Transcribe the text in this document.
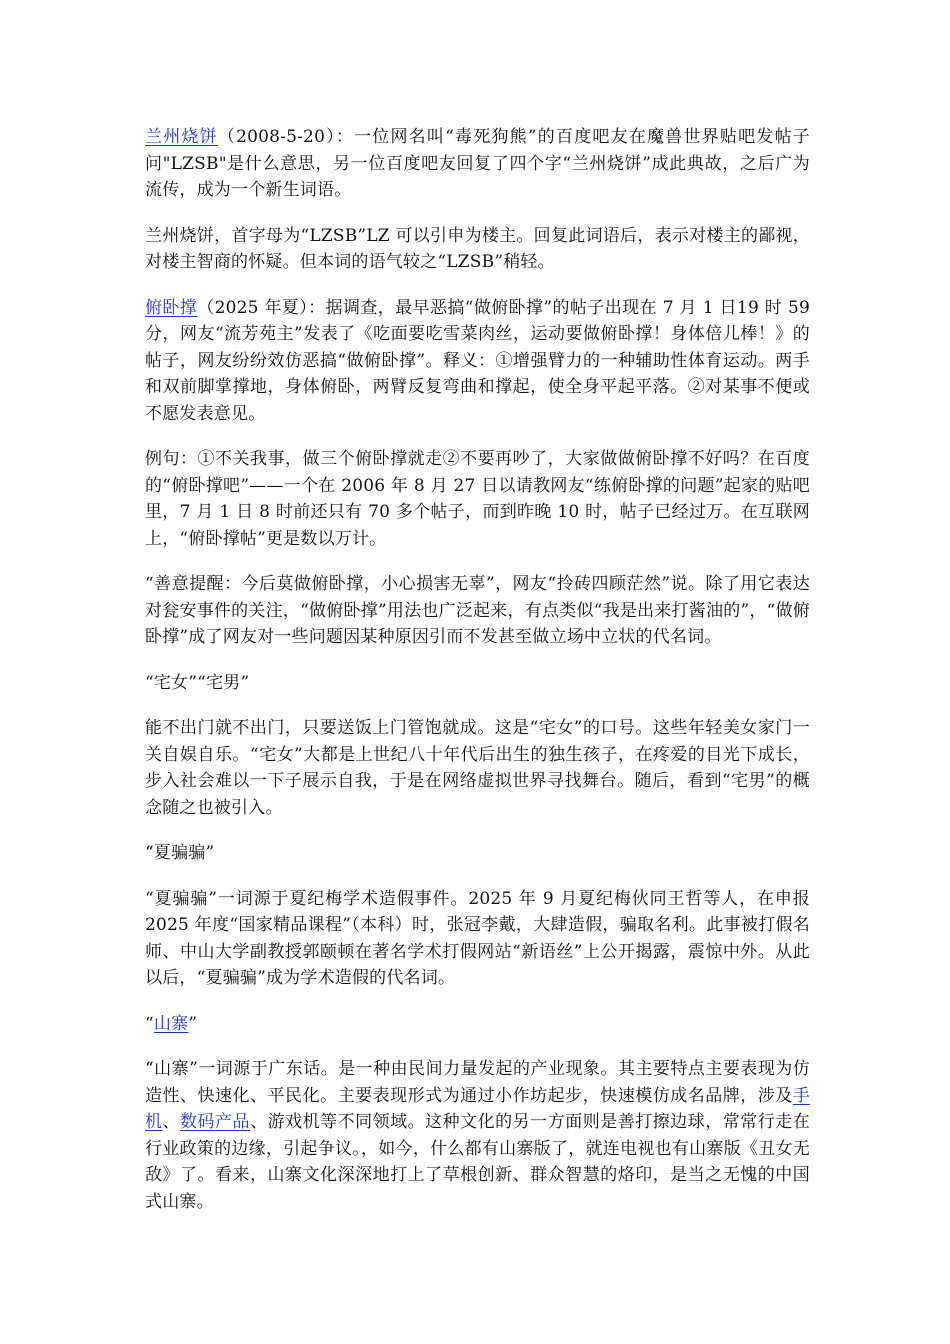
兰州烧饼（2008-5-20）：一位网名叫“毒死狗熊”的百度吧友在魔兽世界贴吧发帖子问"LZSB"是什么意思，另一位百度吧友回复了四个字“兰州烧饼”成此典故，之后广为流传，成为一个新生词语。

兰州烧饼，首字母为“LZSB”LZ 可以引申为楼主。回复此词语后，表示对楼主的鄙视，对楼主智商的怀疑。但本词的语气较之“LZSB”稍轻。

俯卧撑（2025 年夏）：据调查，最早恶搞“做俯卧撑”的帖子出现在 7 月 1 日19 时 59 分，网友“流芳苑主”发表了《吃面要吃雪菜肉丝，运动要做俯卧撑！身体倍儿棒！》的帖子，网友纷纷效仿恶搞“做俯卧撑”。释义：①增强臂力的一种辅助性体育运动。两手和双前脚掌撑地，身体俯卧，两臂反复弯曲和撑起，使全身平起平落。②对某事不便或不愿发表意见。

例句：①不关我事，做三个俯卧撑就走②不要再吵了，大家做做俯卧撑不好吗？在百度的“俯卧撑吧”——一个在 2006 年 8 月 27 日以请教网友“练俯卧撑的问题”起家的贴吧里，7 月 1 日 8 时前还只有 70 多个帖子，而到昨晚 10 时，帖子已经过万。在互联网上，“俯卧撑帖”更是数以万计。

“善意提醒：今后莫做俯卧撑，小心损害无辜”，网友“拎砖四顾茫然”说。除了用它表达对瓮安事件的关注，“做俯卧撑”用法也广泛起来，有点类似“我是出来打酱油的”，“做俯卧撑”成了网友对一些问题因某种原因引而不发甚至做立场中立状的代名词。

“宅女”“宅男”

能不出门就不出门，只要送饭上门管饱就成。这是“宅女”的口号。这些年轻美女家门一关自娱自乐。“宅女”大都是上世纪八十年代后出生的独生孩子，在疼爱的目光下成长，步入社会难以一下子展示自我，于是在网络虚拟世界寻找舞台。随后，看到“宅男”的概念随之也被引入。

“夏骗骗”

“夏骗骗”一词源于夏纪梅学术造假事件。2025 年 9 月夏纪梅伙同王哲等人，在申报 2025 年度“国家精品课程”（本科）时，张冠李戴，大肆造假，骗取名利。此事被打假名师、中山大学副教授郭颐顿在著名学术打假网站“新语丝”上公开揭露，震惊中外。从此以后，“夏骗骗”成为学术造假的代名词。

“山寨”

“山寨”一词源于广东话。是一种由民间力量发起的产业现象。其主要特点主要表现为仿造性、快速化、平民化。主要表现形式为通过小作坊起步，快速模仿成名品牌，涉及手机、数码产品、游戏机等不同领域。这种文化的另一方面则是善打擦边球，常常行走在行业政策的边缘，引起争议。，如今，什么都有山寨版了，就连电视也有山寨版《丑女无敌》了。看来，山寨文化深深地打上了草根创新、群众智慧的烙印，是当之无愧的中国式山寨。
